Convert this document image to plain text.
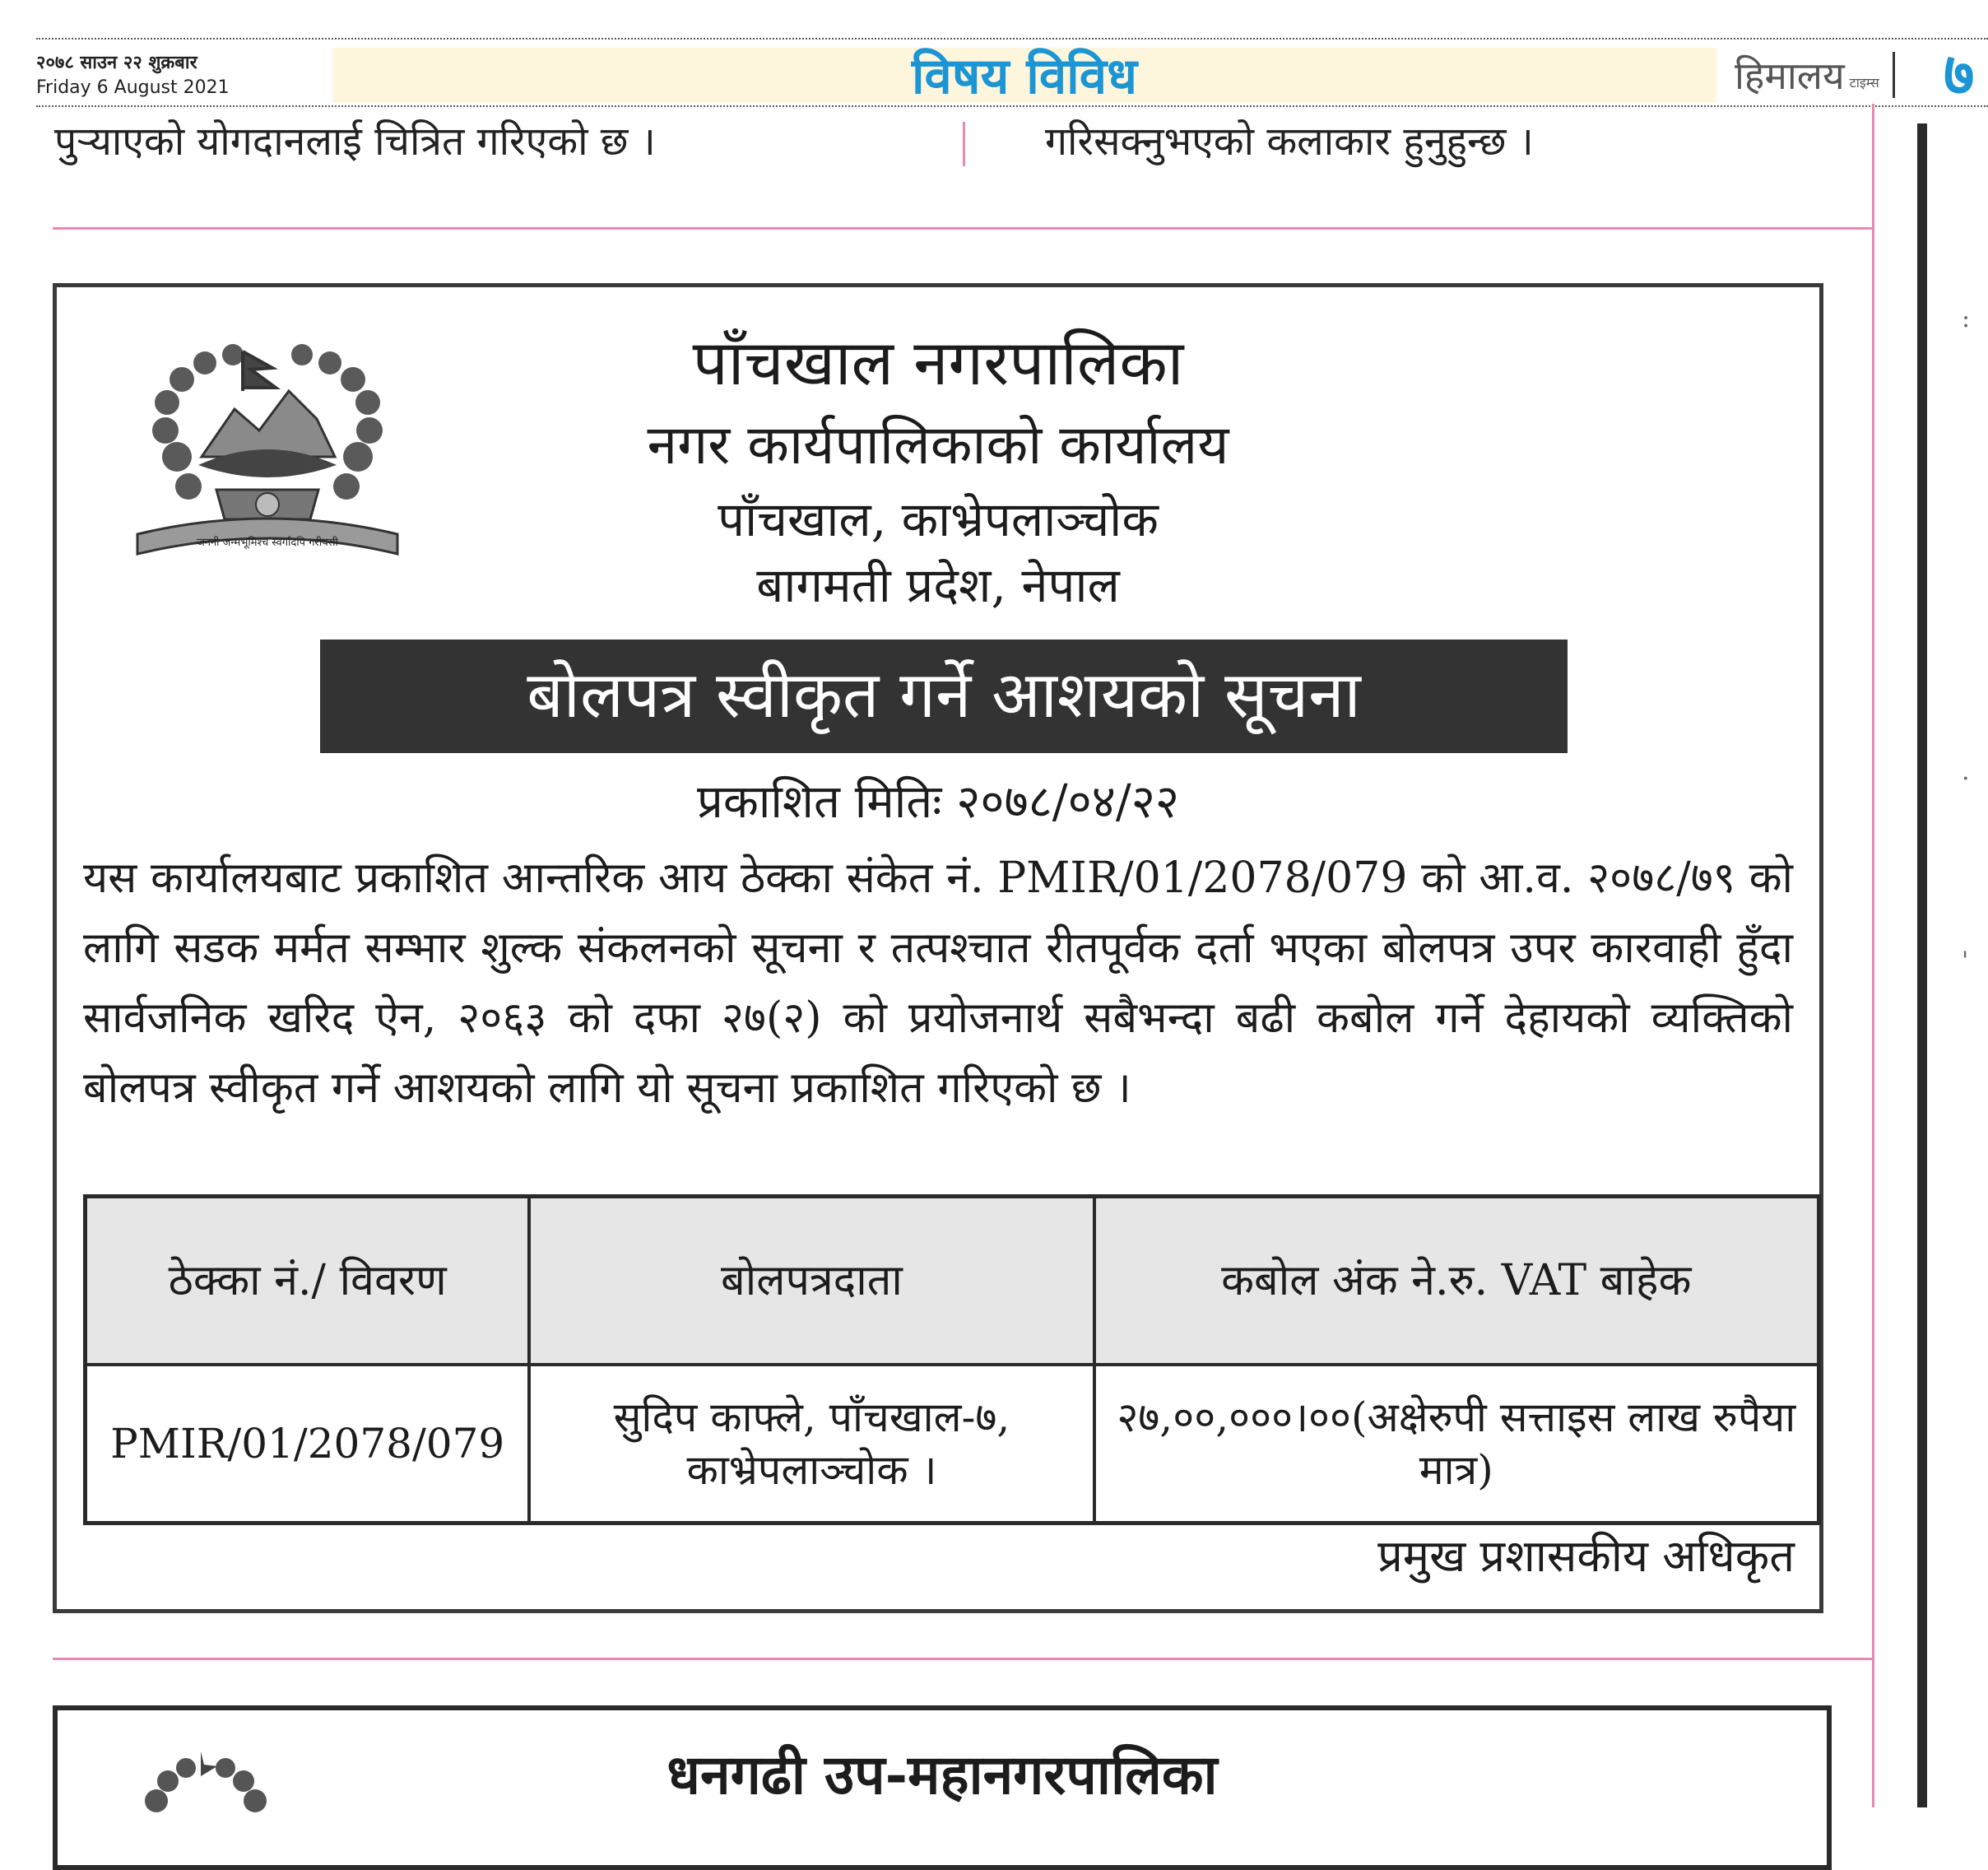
२०७८ साउन २२ शुक्रबार
Friday 6 August 2021	विषय विविध	हिमालय टाइम्स ७
पुऱ्याएको योगदानलाई चित्रित गरिएको छ ।	गरिसक्नुभएको कलाकार हुनुहुन्छ ।
:
.
'
जननी जन्मभूमिश्च स्वर्गादपि गरीयसी
पाँचखाल नगरपालिका
नगर कार्यपालिकाको कार्यालय
पाँचखाल, काभ्रेपलाञ्चोक
बागमती प्रदेश, नेपाल
बोलपत्र स्वीकृत गर्ने आशयको सूचना
प्रकाशित मितिः २०७८/०४/२२
यस कार्यालयबाट प्रकाशित आन्तरिक आय ठेक्का संकेत नं. PMIR/01/2078/079 को आ.व. २०७८/७९ को लागि सडक मर्मत सम्भार शुल्क संकलनको सूचना र तत्पश्चात रीतपूर्वक दर्ता भएका बोलपत्र उपर कारवाही हुँदा सार्वजनिक खरिद ऐन, २०६३ को दफा २७(२) को प्रयोजनार्थ सबैभन्दा बढी कबोल गर्ने देहायको व्यक्तिको बोलपत्र स्वीकृत गर्ने आशयको लागि यो सूचना प्रकाशित गरिएको छ ।
ठेक्का नं./ विवरण	बोलपत्रदाता	कबोल अंक ने.रु. VAT बाहेक
PMIR/01/2078/079	सुदिप काफ्ले, पाँचखाल-७, काभ्रेपलाञ्चोक ।	२७,००,०००।००(अक्षेरुपी सत्ताइस लाख रुपैया मात्र)
प्रमुख प्रशासकीय अधिकृत
धनगढी उप-महानगरपालिका
